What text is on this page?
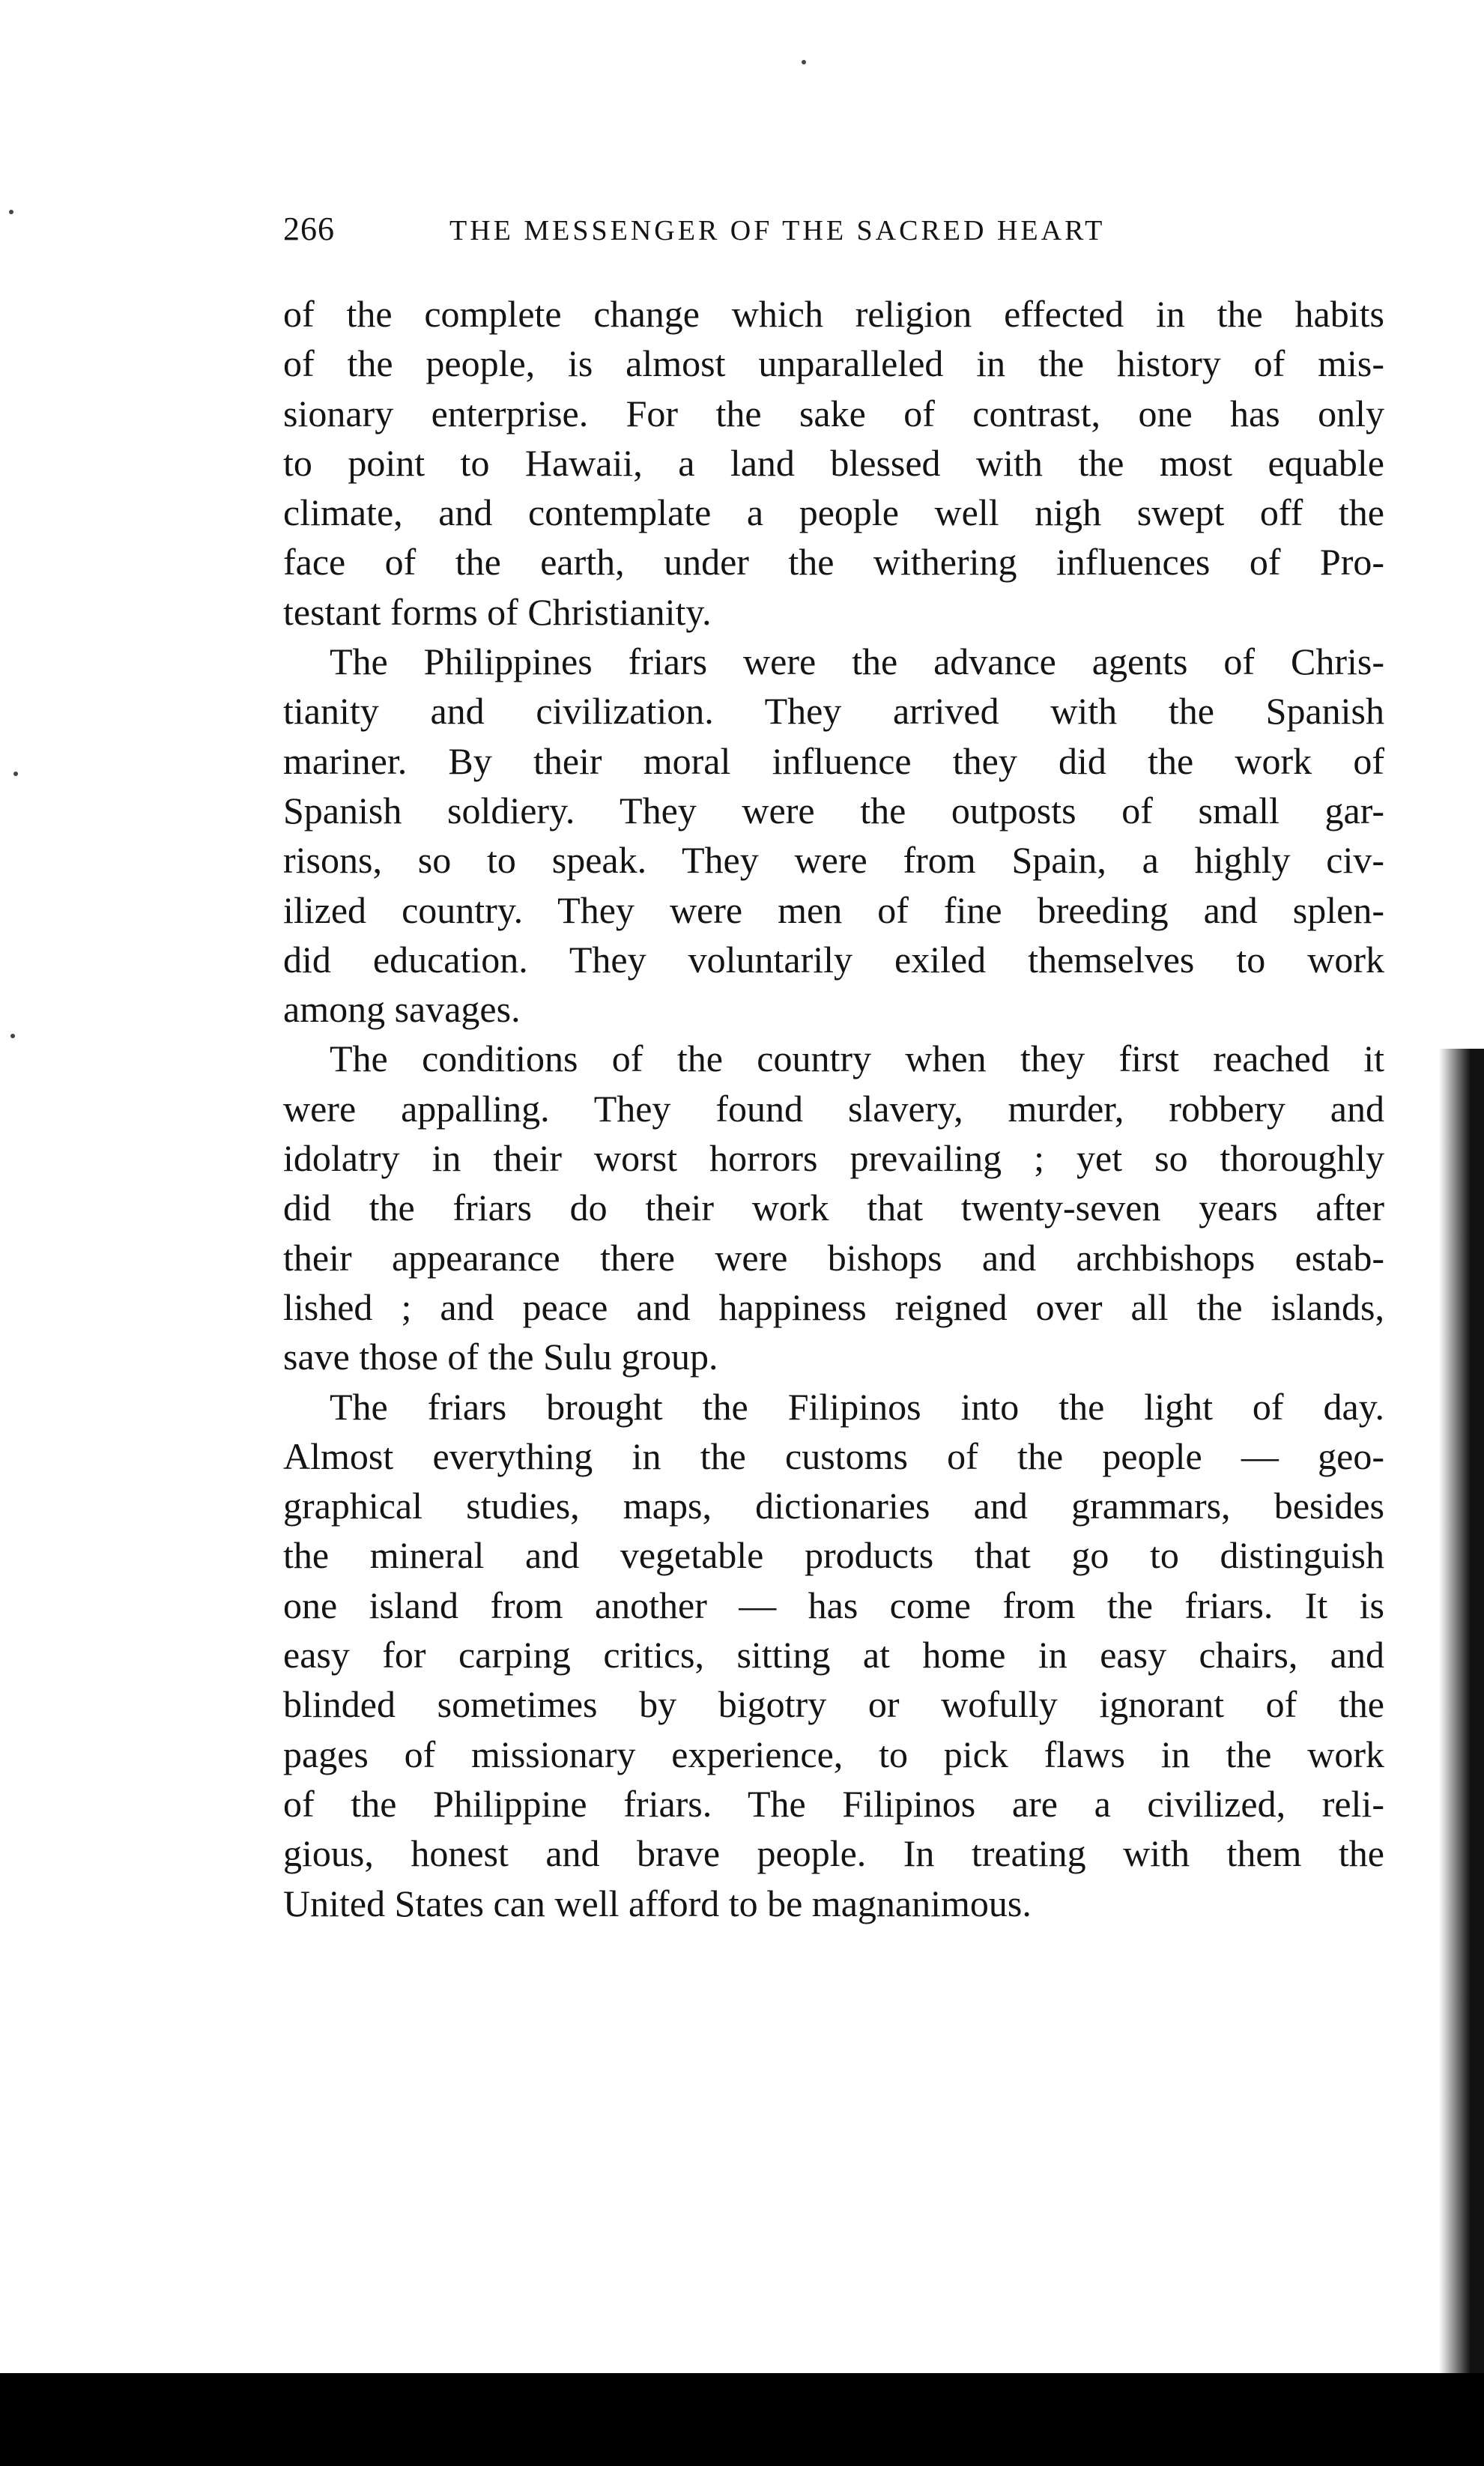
266	THE MESSENGER OF THE SACRED HEART
of the complete change which religion effected in the habits
of the people, is almost unparalleled in the history of mis-
sionary enterprise. For the sake of contrast, one has only
to point to Hawaii, a land blessed with the most equable
climate, and contemplate a people well nigh swept off the
face of the earth, under the withering influences of Pro-
testant forms of Christianity.
The Philippines friars were the advance agents of Chris-
tianity and civilization. They arrived with the Spanish
mariner. By their moral influence they did the work of
Spanish soldiery. They were the outposts of small gar-
risons, so to speak. They were from Spain, a highly civ-
ilized country. They were men of fine breeding and splen-
did education. They voluntarily exiled themselves to work
among savages.
The conditions of the country when they first reached it
were appalling. They found slavery, murder, robbery and
idolatry in their worst horrors prevailing ; yet so thoroughly
did the friars do their work that twenty-seven years after
their appearance there were bishops and archbishops estab-
lished ; and peace and happiness reigned over all the islands,
save those of the Sulu group.
The friars brought the Filipinos into the light of day.
Almost everything in the customs of the people — geo-
graphical studies, maps, dictionaries and grammars, besides
the mineral and vegetable products that go to distinguish
one island from another — has come from the friars. It is
easy for carping critics, sitting at home in easy chairs, and
blinded sometimes by bigotry or wofully ignorant of the
pages of missionary experience, to pick flaws in the work
of the Philippine friars. The Filipinos are a civilized, reli-
gious, honest and brave people. In treating with them the
United States can well afford to be magnanimous.
